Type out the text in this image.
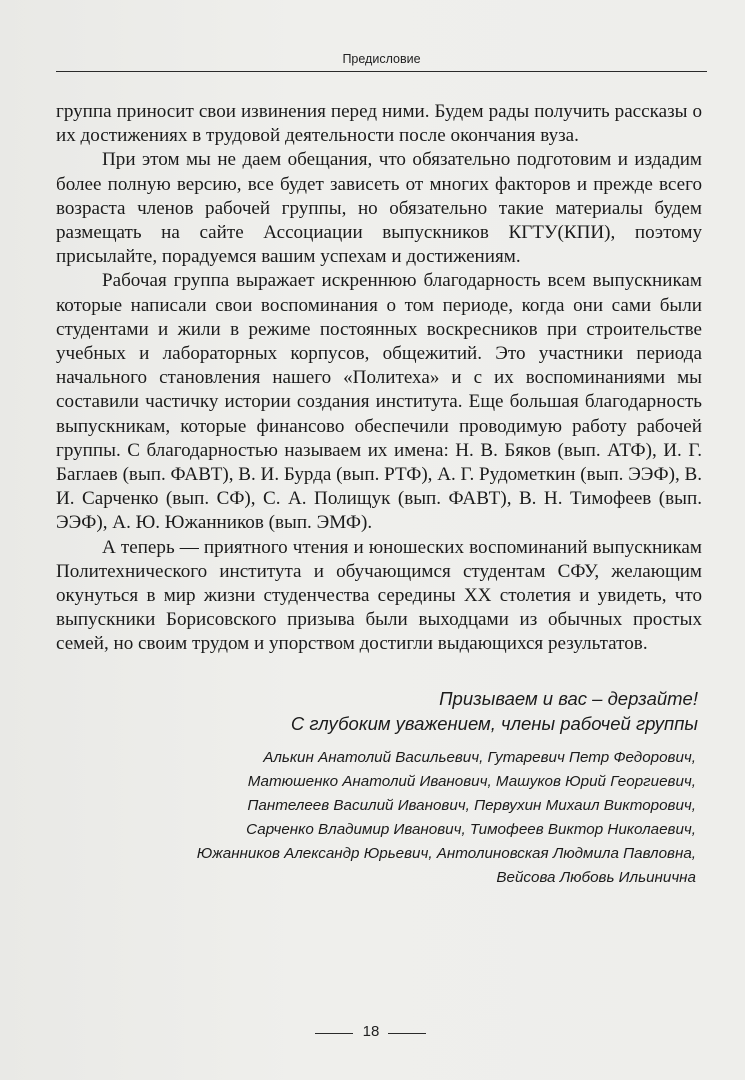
Предисловие

группа приносит свои извинения перед ними. Будем рады получить рассказы о их достижениях в трудовой деятельности после окончания вуза.

При этом мы не даем обещания, что обязательно подготовим и издадим более полную версию, все будет зависеть от многих факторов и прежде всего возраста членов рабочей группы, но обязательно такие материалы будем размещать на сайте Ассоциации выпускников КГТУ(КПИ), поэтому присылайте, порадуемся вашим успехам и достижениям.

Рабочая группа выражает искреннюю благодарность всем выпускникам которые написали свои воспоминания о том периоде, когда они сами были студентами и жили в режиме постоянных воскресников при строительстве учебных и лабораторных корпусов, общежитий. Это участники периода начального становления нашего «Политеха» и с их воспоминаниями мы составили частичку истории создания института. Еще большая благодарность выпускникам, которые финансово обеспечили проводимую работу рабочей группы. С благодарностью называем их имена: Н. В. Бяков (вып. АТФ), И. Г. Баглаев (вып. ФАВТ), В. И. Бурда (вып. РТФ), А. Г. Рудометкин (вып. ЭЭФ), В. И. Сарченко (вып. СФ), С. А. Полищук (вып. ФАВТ), В. Н. Тимофеев (вып. ЭЭФ), А. Ю. Южанников (вып. ЭМФ).

А теперь — приятного чтения и юношеских воспоминаний выпускникам Политехнического института и обучающимся студентам СФУ, желающим окунуться в мир жизни студенчества середины XX столетия и увидеть, что выпускники Борисовского призыва были выходцами из обычных простых семей, но своим трудом и упорством достигли выдающихся результатов.

Призываем и вас – дерзайте!
С глубоким уважением, члены рабочей группы
Алькин Анатолий Васильевич, Гутаревич Петр Федорович,
Матюшенко Анатолий Иванович, Машуков Юрий Георгиевич,
Пантелеев Василий Иванович, Первухин Михаил Викторович,
Сарченко Владимир Иванович, Тимофеев Виктор Николаевич,
Южанников Александр Юрьевич, Антолиновская Людмила Павловна,
Вейсова Любовь Ильинична
18
